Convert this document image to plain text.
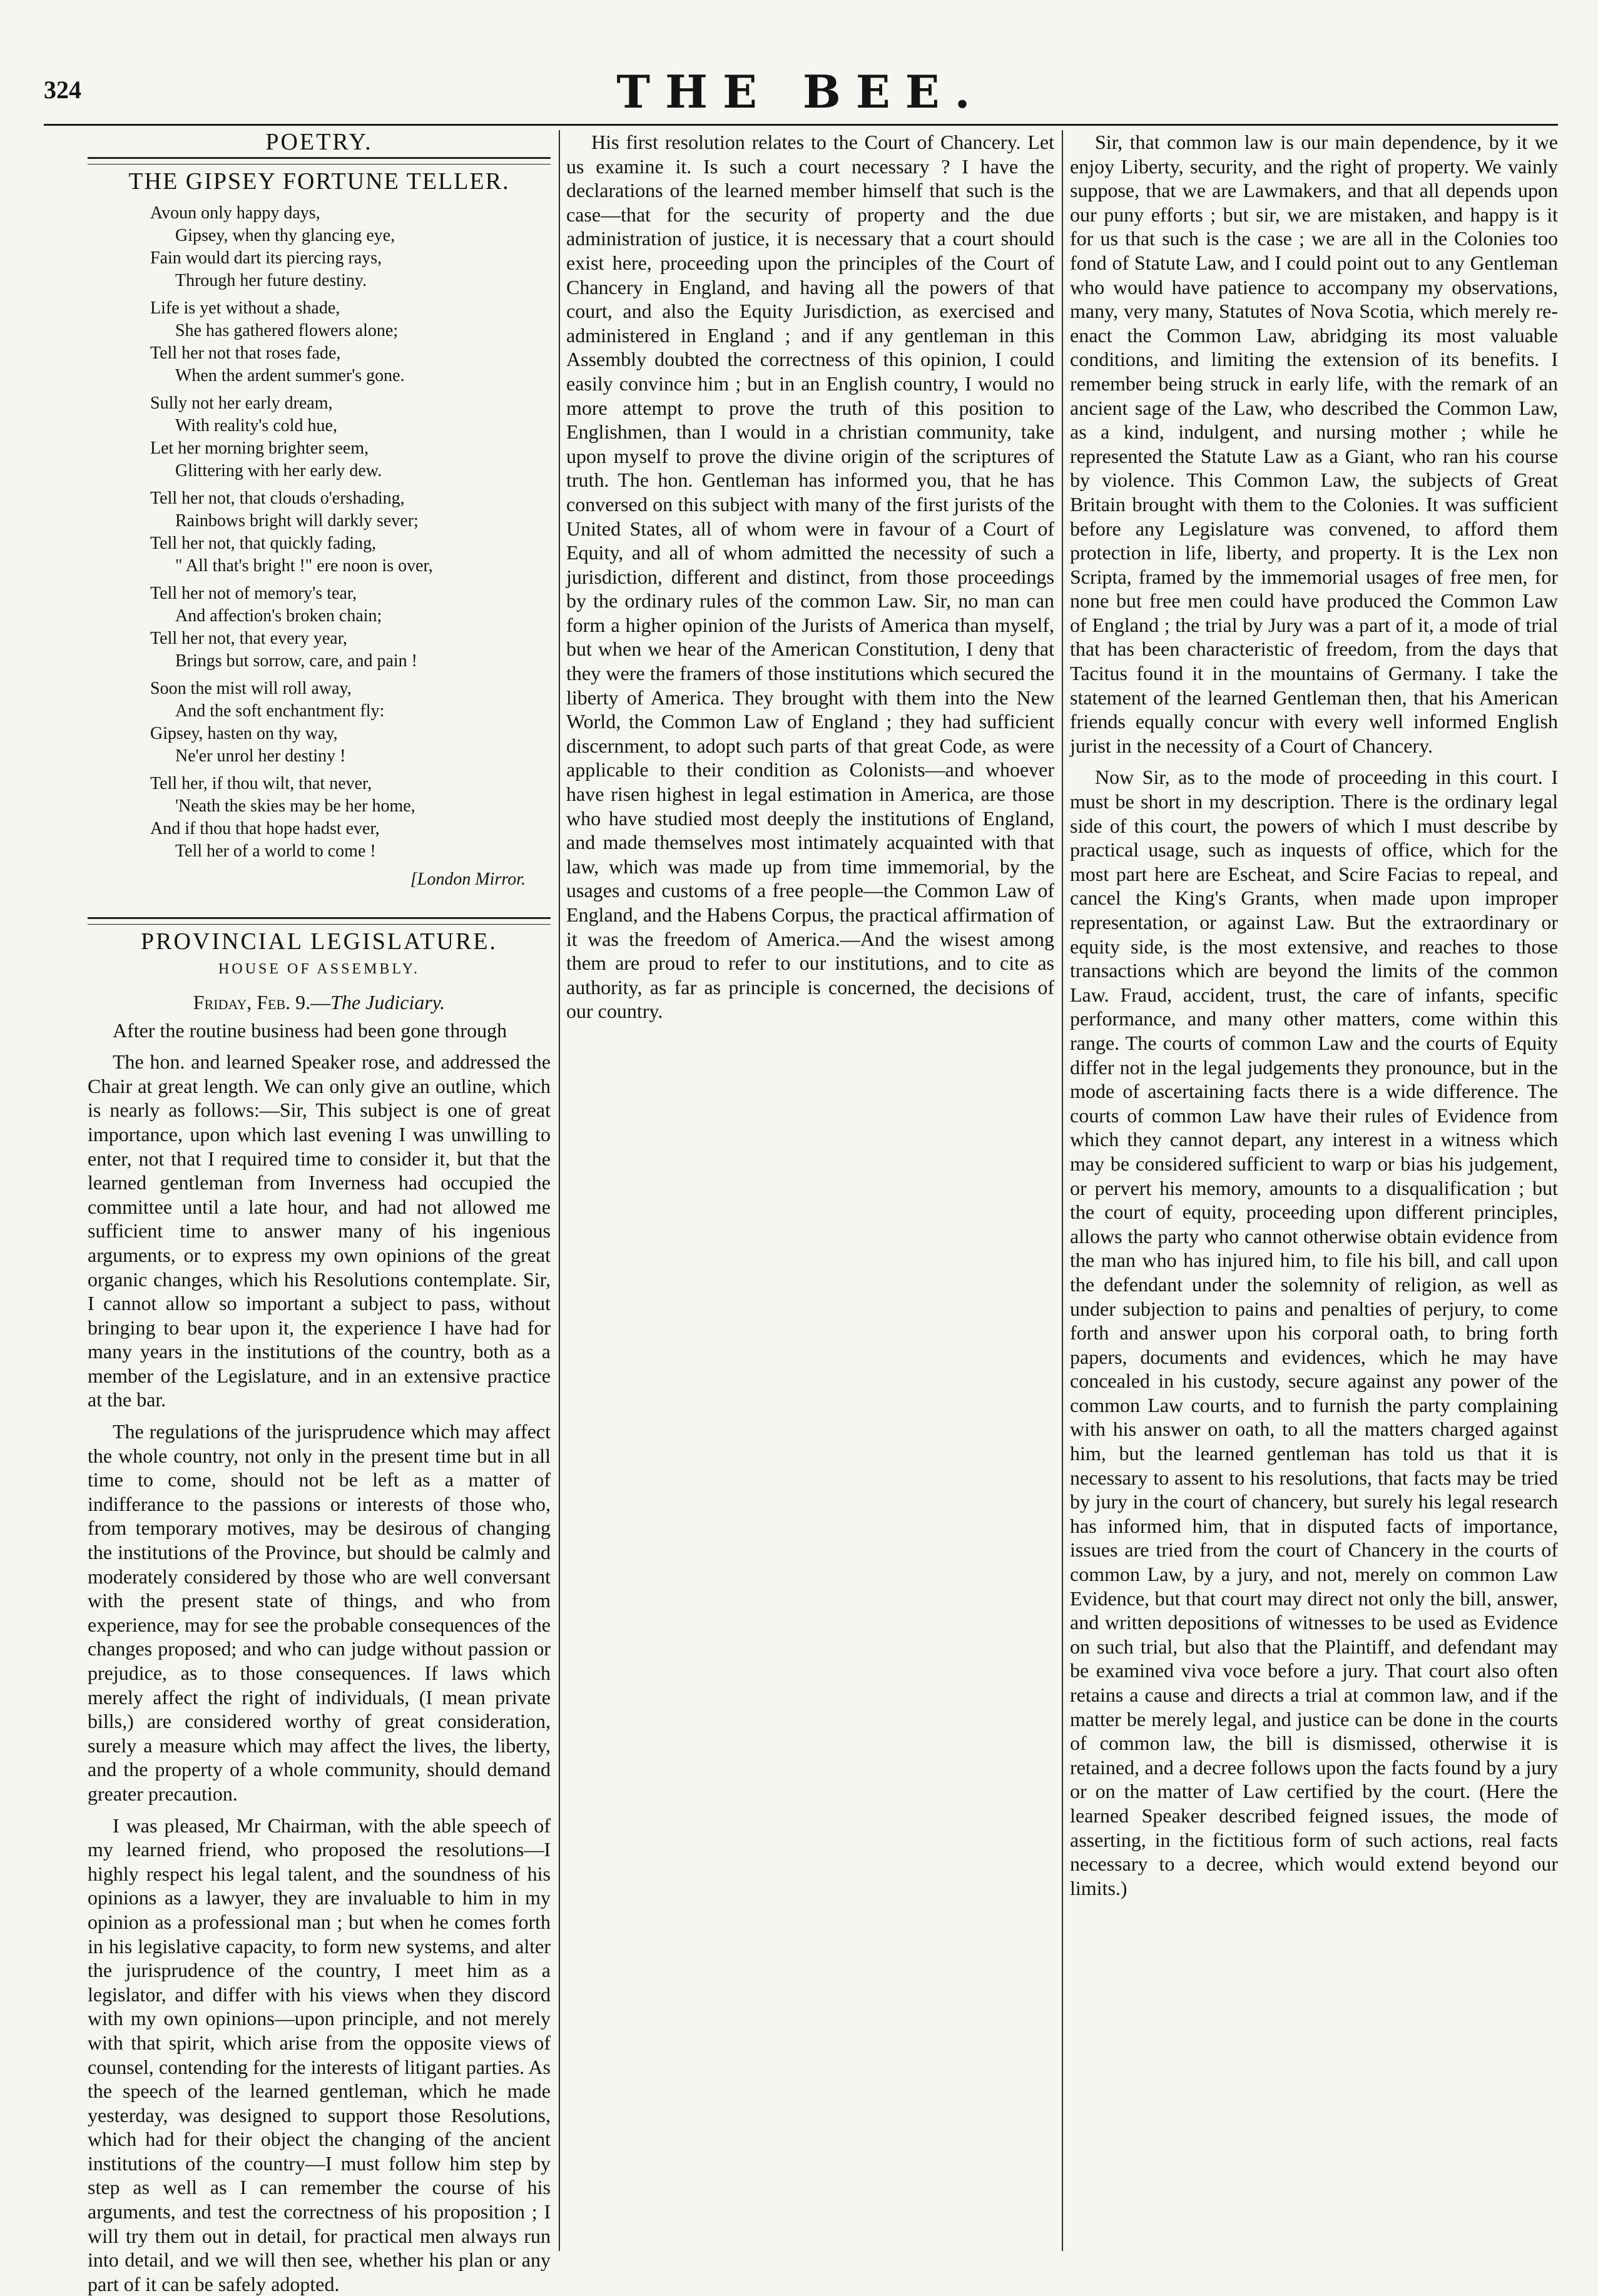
324	THE BEE.
POETRY.
THE GIPSEY FORTUNE TELLER.
Avoun only happy days,
Gipsey, when thy glancing eye,
Fain would dart its piercing rays,
Through her future destiny.
Life is yet without a shade,
She has gathered flowers alone;
Tell her not that roses fade,
When the ardent summer's gone.
Sully not her early dream,
With reality's cold hue,
Let her morning brighter seem,
Glittering with her early dew.
Tell her not, that clouds o'ershading,
Rainbows bright will darkly sever;
Tell her not, that quickly fading,
" All that's bright !" ere noon is over,
Tell her not of memory's tear,
And affection's broken chain;
Tell her not, that every year,
Brings but sorrow, care, and pain !
Soon the mist will roll away,
And the soft enchantment fly:
Gipsey, hasten on thy way,
Ne'er unrol her destiny !
Tell her, if thou wilt, that never,
'Neath the skies may be her home,
And if thou that hope hadst ever,
Tell her of a world to come !
[London Mirror.
PROVINCIAL LEGISLATURE.
HOUSE OF ASSEMBLY.
Friday, Feb. 9.—The Judiciary.

After the routine business had been gone through

The hon. and learned Speaker rose, and addressed the Chair at great length. We can only give an outline, which is nearly as follows:—Sir, This subject is one of great importance, upon which last evening I was unwilling to enter, not that I required time to consider it, but that the learned gentleman from Inverness had occupied the committee until a late hour, and had not allowed me sufficient time to answer many of his ingenious arguments, or to express my own opinions of the great organic changes, which his Resolutions contemplate. Sir, I cannot allow so important a subject to pass, without bringing to bear upon it, the experience I have had for many years in the institutions of the country, both as a member of the Legislature, and in an extensive practice at the bar.

The regulations of the jurisprudence which may affect the whole country, not only in the present time but in all time to come, should not be left as a matter of indifferance to the passions or interests of those who, from temporary motives, may be desirous of changing the institutions of the Province, but should be calmly and moderately considered by those who are well conversant with the present state of things, and who from experience, may for see the probable consequences of the changes proposed; and who can judge without passion or prejudice, as to those consequences. If laws which merely affect the right of individuals, (I mean private bills,) are considered worthy of great consideration, surely a measure which may affect the lives, the liberty, and the property of a whole community, should demand greater precaution.

I was pleased, Mr Chairman, with the able speech of my learned friend, who proposed the resolutions—I highly respect his legal talent, and the soundness of his opinions as a lawyer, they are invaluable to him in my opinion as a professional man ; but when he comes forth in his legislative capacity, to form new systems, and alter the jurisprudence of the country, I meet him as a legislator, and differ with his views when they discord with my own opinions—upon principle, and not merely with that spirit, which arise from the opposite views of counsel, contending for the interests of litigant parties. As the speech of the learned gentleman, which he made yesterday, was designed to support those Resolutions, which had for their object the changing of the ancient institutions of the country—I must follow him step by step as well as I can remember the course of his arguments, and test the correctness of his proposition ; I will try them out in detail, for practical men always run into detail, and we will then see, whether his plan or any part of it can be safely adopted.

His first resolution relates to the Court of Chancery. Let us examine it. Is such a court necessary ? I have the declarations of the learned member himself that such is the case—that for the security of property and the due administration of justice, it is necessary that a court should exist here, proceeding upon the principles of the Court of Chancery in England, and having all the powers of that court, and also the Equity Jurisdiction, as exercised and administered in England ; and if any gentleman in this Assembly doubted the correctness of this opinion, I could easily convince him ; but in an English country, I would no more attempt to prove the truth of this position to Englishmen, than I would in a christian community, take upon myself to prove the divine origin of the scriptures of truth. The hon. Gentleman has informed you, that he has conversed on this subject with many of the first jurists of the United States, all of whom were in favour of a Court of Equity, and all of whom admitted the necessity of such a jurisdiction, different and distinct, from those proceedings by the ordinary rules of the common Law. Sir, no man can form a higher opinion of the Jurists of America than myself, but when we hear of the American Constitution, I deny that they were the framers of those institutions which secured the liberty of America. They brought with them into the New World, the Common Law of England ; they had sufficient discernment, to adopt such parts of that great Code, as were applicable to their condition as Colonists—and whoever have risen highest in legal estimation in America, are those who have studied most deeply the institutions of England, and made themselves most intimately acquainted with that law, which was made up from time immemorial, by the usages and customs of a free people—the Common Law of England, and the Habens Corpus, the practical affirmation of it was the freedom of America.—And the wisest among them are proud to refer to our institutions, and to cite as authority, as far as principle is concerned, the decisions of our country.

Sir, that common law is our main dependence, by it we enjoy Liberty, security, and the right of property. We vainly suppose, that we are Lawmakers, and that all depends upon our puny efforts ; but sir, we are mistaken, and happy is it for us that such is the case ; we are all in the Colonies too fond of Statute Law, and I could point out to any Gentleman who would have patience to accompany my observations, many, very many, Statutes of Nova Scotia, which merely re-enact the Common Law, abridging its most valuable conditions, and limiting the extension of its benefits. I remember being struck in early life, with the remark of an ancient sage of the Law, who described the Common Law, as a kind, indulgent, and nursing mother ; while he represented the Statute Law as a Giant, who ran his course by violence. This Common Law, the subjects of Great Britain brought with them to the Colonies. It was sufficient before any Legislature was convened, to afford them protection in life, liberty, and property. It is the Lex non Scripta, framed by the immemorial usages of free men, for none but free men could have produced the Common Law of England ; the trial by Jury was a part of it, a mode of trial that has been characteristic of freedom, from the days that Tacitus found it in the mountains of Germany. I take the statement of the learned Gentleman then, that his American friends equally concur with every well informed English jurist in the necessity of a Court of Chancery.

Now Sir, as to the mode of proceeding in this court. I must be short in my description. There is the ordinary legal side of this court, the powers of which I must describe by practical usage, such as inquests of office, which for the most part here are Escheat, and Scire Facias to repeal, and cancel the King's Grants, when made upon improper representation, or against Law. But the extraordinary or equity side, is the most extensive, and reaches to those transactions which are beyond the limits of the common Law. Fraud, accident, trust, the care of infants, specific performance, and many other matters, come within this range. The courts of common Law and the courts of Equity differ not in the legal judgements they pronounce, but in the mode of ascertaining facts there is a wide difference. The courts of common Law have their rules of Evidence from which they cannot depart, any interest in a witness which may be considered sufficient to warp or bias his judgement, or pervert his memory, amounts to a disqualification ; but the court of equity, proceeding upon different principles, allows the party who cannot otherwise obtain evidence from the man who has injured him, to file his bill, and call upon the defendant under the solemnity of religion, as well as under subjection to pains and penalties of perjury, to come forth and answer upon his corporal oath, to bring forth papers, documents and evidences, which he may have concealed in his custody, secure against any power of the common Law courts, and to furnish the party complaining with his answer on oath, to all the matters charged against him, but the learned gentleman has told us that it is necessary to assent to his resolutions, that facts may be tried by jury in the court of chancery, but surely his legal research has informed him, that in disputed facts of importance, issues are tried from the court of Chancery in the courts of common Law, by a jury, and not, merely on common Law Evidence, but that court may direct not only the bill, answer, and written depositions of witnesses to be used as Evidence on such trial, but also that the Plaintiff, and defendant may be examined viva voce before a jury. That court also often retains a cause and directs a trial at common law, and if the matter be merely legal, and justice can be done in the courts of common law, the bill is dismissed, otherwise it is retained, and a decree follows upon the facts found by a jury or on the matter of Law certified by the court. (Here the learned Speaker described feigned issues, the mode of asserting, in the fictitious form of such actions, real facts necessary to a decree, which would extend beyond our limits.)
